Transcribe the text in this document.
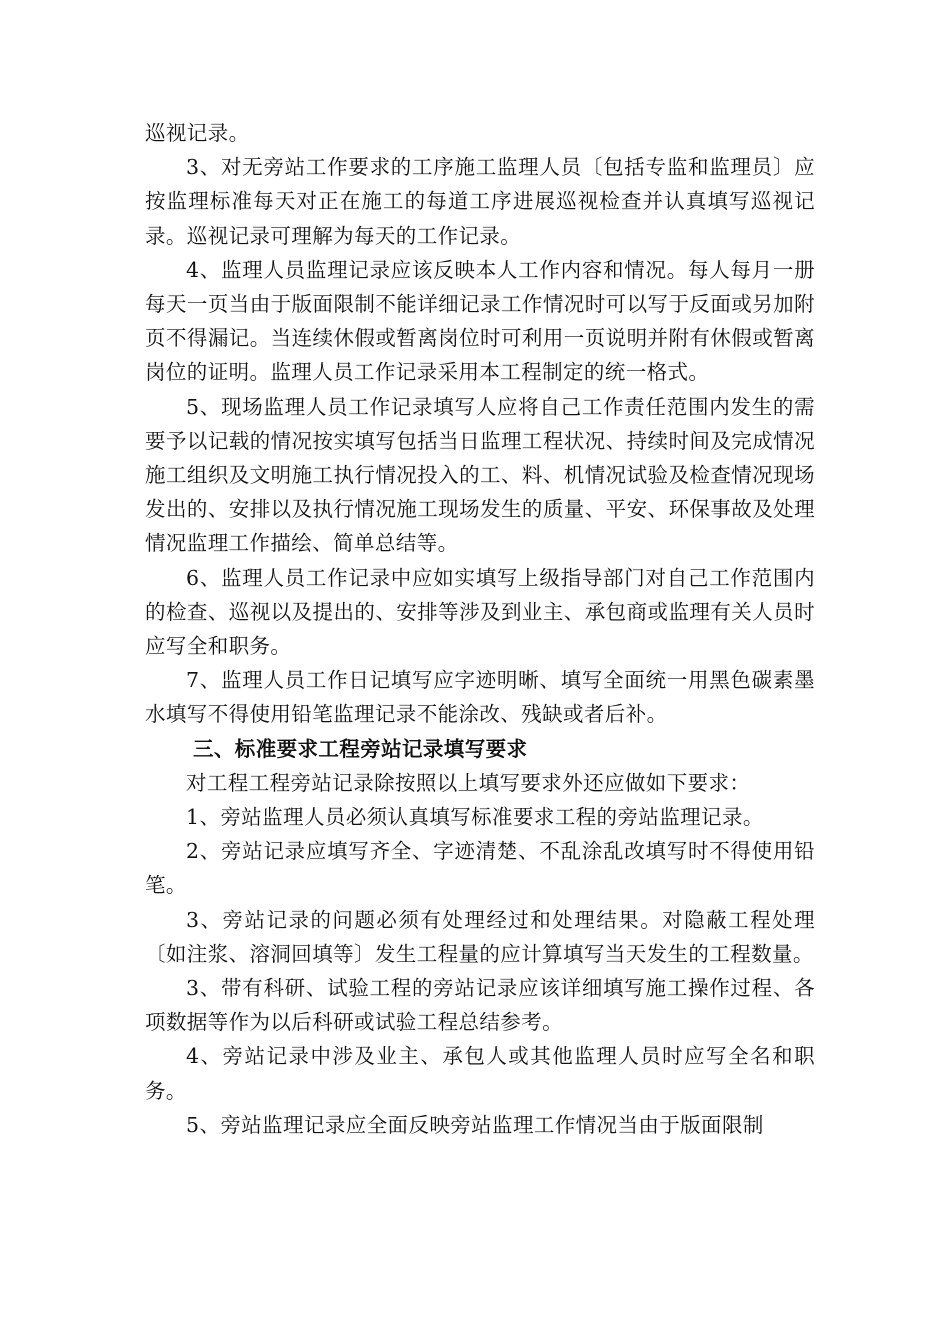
巡视记录。

3、对无旁站工作要求的工序施工监理人员〔包括专监和监理员〕应按监理标准每天对正在施工的每道工序进展巡视检查并认真填写巡视记录。巡视记录可理解为每天的工作记录。

4、监理人员监理记录应该反映本人工作内容和情况。每人每月一册每天一页当由于版面限制不能详细记录工作情况时可以写于反面或另加附页不得漏记。当连续休假或暂离岗位时可利用一页说明并附有休假或暂离岗位的证明。监理人员工作记录采用本工程制定的统一格式。

5、现场监理人员工作记录填写人应将自己工作责任范围内发生的需要予以记载的情况按实填写包括当日监理工程状况、持续时间及完成情况施工组织及文明施工执行情况投入的工、料、机情况试验及检查情况现场发出的、安排以及执行情况施工现场发生的质量、平安、环保事故及处理情况监理工作描绘、简单总结等。

6、监理人员工作记录中应如实填写上级指导部门对自己工作范围内的检查、巡视以及提出的、安排等涉及到业主、承包商或监理有关人员时应写全和职务。

7、监理人员工作日记填写应字迹明晰、填写全面统一用黑色碳素墨水填写不得使用铅笔监理记录不能涂改、残缺或者后补。

三、标准要求工程旁站记录填写要求

对工程工程旁站记录除按照以上填写要求外还应做如下要求：

1、旁站监理人员必须认真填写标准要求工程的旁站监理记录。

2、旁站记录应填写齐全、字迹清楚、不乱涂乱改填写时不得使用铅笔。

3、旁站记录的问题必须有处理经过和处理结果。对隐蔽工程处理〔如注浆、溶洞回填等〕发生工程量的应计算填写当天发生的工程数量。

3、带有科研、试验工程的旁站记录应该详细填写施工操作过程、各项数据等作为以后科研或试验工程总结参考。

4、旁站记录中涉及业主、承包人或其他监理人员时应写全名和职务。

5、旁站监理记录应全面反映旁站监理工作情况当由于版面限制
